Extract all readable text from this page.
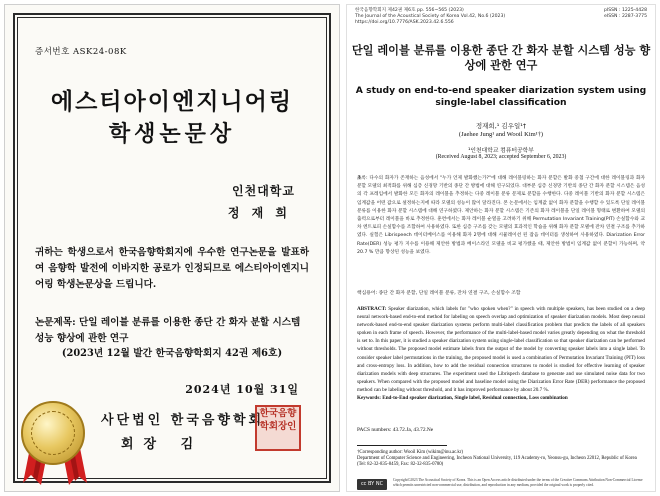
증서번호 ASK24-08K
에스티아이엔지니어링
학생논문상
인천대학교
정 재 희
귀하는 학생으로서 한국음향학회지에 우수한 연구논문을 발표하여 음향학 발전에 이바지한 공로가 인정되므로 에스티아이엔지니어링 학생논문상을 드립니다.
논문제목: 단일 레이블 분류를 이용한 종단 간 화자 분할 시스템 성능 향상에 관한 연구
(2023년 12월 발간 한국음향학회지 42권 제6호)
2024년 10월 31일
사단법인 한국음향학회
회장 김
한국음향학회장인
한국음향학회지 제42권 제6호 pp. 556~565 (2023)
The Journal of the Acoustical Society of Korea Vol.42, No.6 (2023)
https://doi.org/10.7776/ASK.2023.42.6.556
pISSN : 1225-4428
eISSN : 2287-3775
단일 레이블 분류를 이용한 종단 간 화자 분할 시스템 성능 향상에 관한 연구
A study on end-to-end speaker diarization system using single-label classification
정재희,¹ 김우일¹†
(Jaehee Jung¹ and Wooil Kim¹†)
¹인천대학교 컴퓨터공학부
(Received August 8, 2023; accepted September 6, 2023)
초록: 다수의 화자가 존재하는 음성에서 "누가 언제 발화했는가?"에 대해 레이블링하는 화자 분할은 발화 중첩 구간에 대한 레이블링과 화자 분할 모델의 최적화를 위해 심층 신경망 기반의 종단 간 방법에 대해 연구되었다. 대부분 심층 신경망 기반의 종단 간 화자 분할 시스템은 음성의 각 프레임에서 발화한 모든 화자의 레이블을 추정하는 다중 레이블 분류 문제로 분할을 수행한다. 다중 레이블 기반의 화자 분할 시스템은 임계값을 어떤 값으로 설정하는지에 따라 모델의 성능이 많이 달라진다. 본 논문에서는 임계값 없이 화자 분할을 수행할 수 있도록 단일 레이블 분류를 이용한 화자 분할 시스템에 대해 연구하였다. 제안하는 화자 분할 시스템은 기존의 화자 레이블을 단일 레이블 형태로 변환하여 모델의 출력으로부터 레이블을 바로 추정한다. 훈련에서는 화자 레이블 순열을 고려하기 위해 Permutation Invariant Training(PIT) 손실함수와 교차 엔트로피 손실함수를 조합하여 사용하였다. 또한 심층 구조를 갖는 모델의 효과적인 학습을 위해 화자 분할 모델에 잔차 연결 구조를 추가하였다. 실험은 Librispeech 데이터베이스를 이용해 화자 2명에 대해 시뮬레이션 된 잡음 데이터를 생성하여 사용하였다. Diarization Error Rate(DER) 성능 평가 지수를 이용해 제안한 방법과 베이스라인 모델을 비교 평가했을 때, 제안한 방법이 임계값 없이 분할이 가능하며, 약 20.7 % 만큼 향상된 성능을 보였다.
핵심용어: 종단 간 화자 분할, 단일 레이블 분류, 잔차 연결 구조, 손실함수 조합
ABSTRACT: Speaker diarization, which labels for "who spoken when?" in speech with multiple speakers, has been studied on a deep neural network-based end-to-end method for labeling on speech overlap and optimization of speaker diarization models. Most deep neural network-based end-to-end speaker diarization systems perform multi-label classification problem that predicts the labels of all speakers spoken in each frame of speech. However, the performance of the multi-label-based model varies greatly depending on what the threshold is set to. In this paper, it is studied a speaker diarization system using single-label classification so that speaker diarization can be performed without thresholds. The proposed model estimate labels from the output of the model by converting speaker labels into a single label. To consider speaker label permutations in the training, the proposed model is used a combination of Permutation Invariant Training (PIT) loss and cross-entropy loss. In addition, how to add the residual connection structures to model is studied for effective learning of speaker diarization models with deep structures. The experiment used the Librispech database to generate and use simulated noise data for two speakers. When compared with the proposed model and baseline model using the Diarization Error Rate (DER) performance the proposed method can be labeling without threshold, and it has improved performance by about 20.7 %.
Keywords: End-to-End speaker diarization, Single label, Residual connection, Loss combination
PACS numbers: 43.72.Ja, 43.72.Ne
†Corresponding author: Wooil Kim (wikim@inu.ac.kr)
Department of Computer Science and Engineering, Incheon National University, 119 Academy-ro, Yeonsu-gu, Incheon 22012, Republic of Korea
(Tel: 82-32-835-8459, Fax: 82-32-835-0780)
cc BY NC
Copyright©2023 The Acoustical Society of Korea. This is an Open Access article distributed under the terms of the Creative Commons Attribution Non-Commercial License which permits unrestricted non-commercial use, distribution, and reproduction in any medium, provided the original work is properly cited.
